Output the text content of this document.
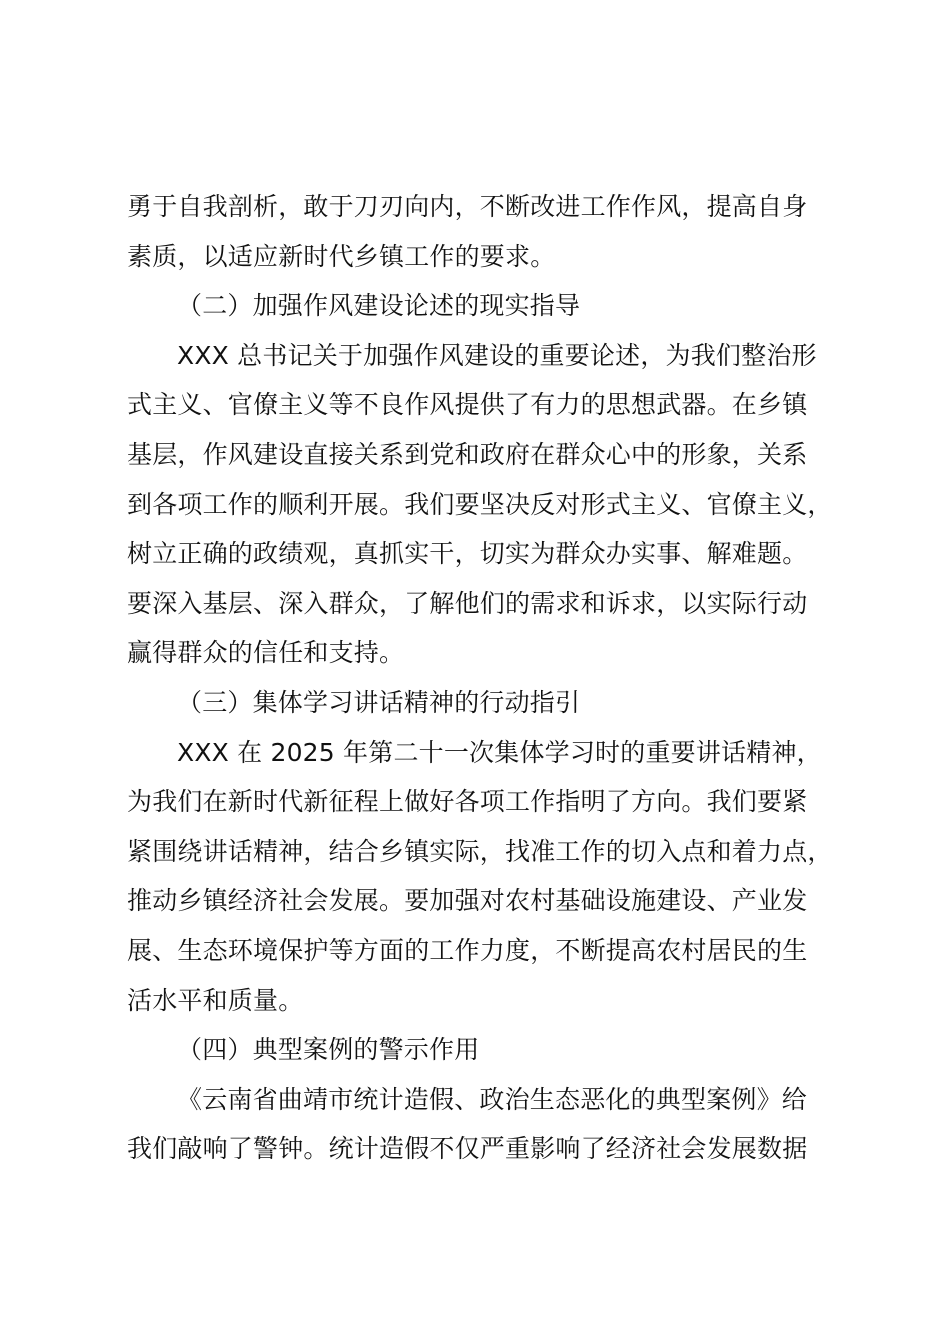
勇于自我剖析，敢于刀刃向内，不断改进工作作风，提高自身
素质，以适应新时代乡镇工作的要求。
（二）加强作风建设论述的现实指导
XXX 总书记关于加强作风建设的重要论述，为我们整治形
式主义、官僚主义等不良作风提供了有力的思想武器。在乡镇
基层，作风建设直接关系到党和政府在群众心中的形象，关系
到各项工作的顺利开展。我们要坚决反对形式主义、官僚主义，
树立正确的政绩观，真抓实干，切实为群众办实事、解难题。
要深入基层、深入群众，了解他们的需求和诉求，以实际行动
赢得群众的信任和支持。
（三）集体学习讲话精神的行动指引
XXX 在 2025 年第二十一次集体学习时的重要讲话精神，
为我们在新时代新征程上做好各项工作指明了方向。我们要紧
紧围绕讲话精神，结合乡镇实际，找准工作的切入点和着力点，
推动乡镇经济社会发展。要加强对农村基础设施建设、产业发
展、生态环境保护等方面的工作力度，不断提高农村居民的生
活水平和质量。
（四）典型案例的警示作用
《云南省曲靖市统计造假、政治生态恶化的典型案例》给
我们敲响了警钟。统计造假不仅严重影响了经济社会发展数据
